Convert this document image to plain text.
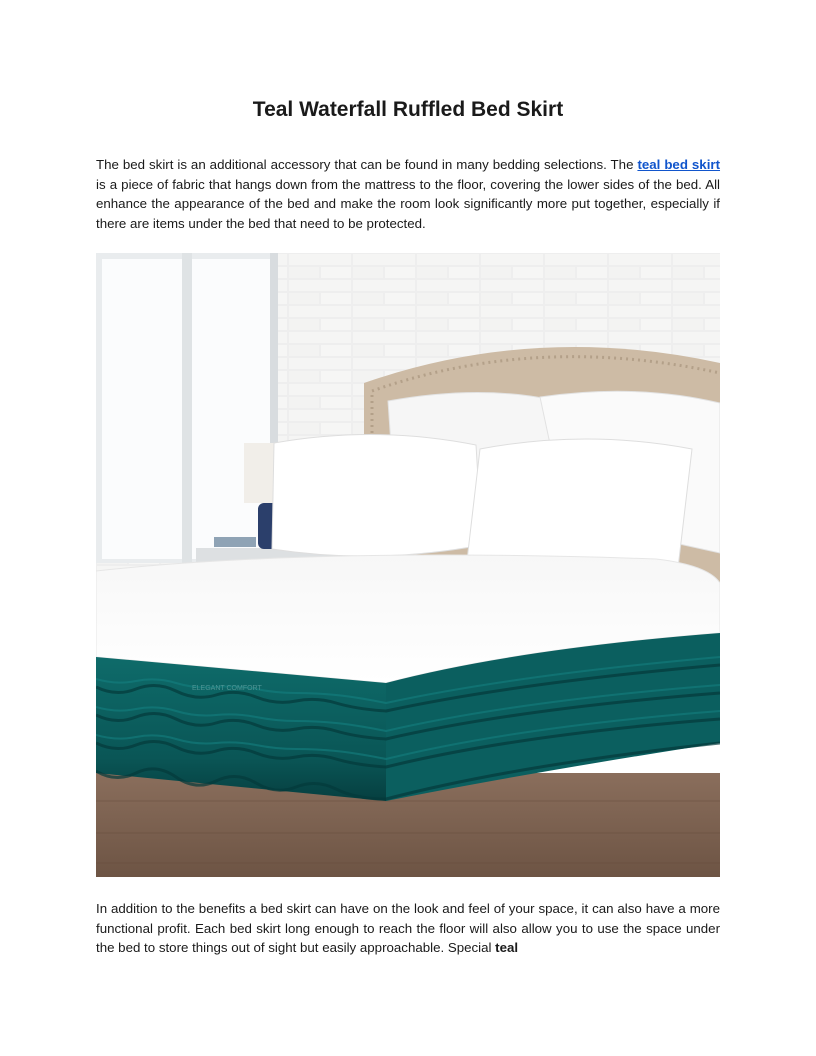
Teal Waterfall Ruffled Bed Skirt

The bed skirt is an additional accessory that can be found in many bedding selections. The teal bed skirt is a piece of fabric that hangs down from the mattress to the floor, covering the lower sides of the bed. All enhance the appearance of the bed and make the room look significantly more put together, especially if there are items under the bed that need to be protected.

ELEGANT COMFORT

In addition to the benefits a bed skirt can have on the look and feel of your space, it can also have a more functional profit. Each bed skirt long enough to reach the floor will also allow you to use the space under the bed to store things out of sight but easily approachable. Special teal
